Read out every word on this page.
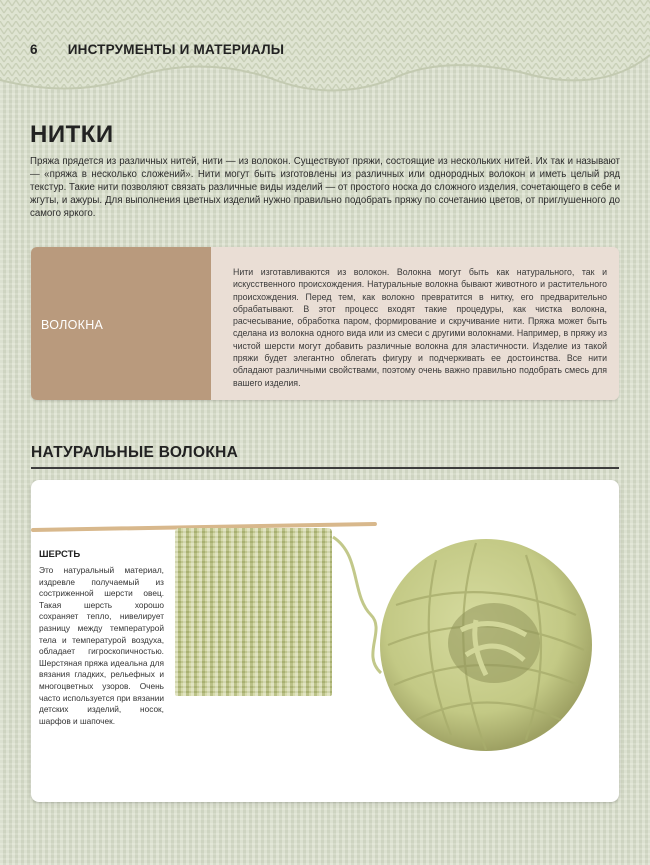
6 ИНСТРУМЕНТЫ И МАТЕРИАЛЫ
НИТКИ
Пряжа прядется из различных нитей, нити — из волокон. Существуют пряжи, состоящие из нескольких нитей. Их так и называют — «пряжа в несколько сложений». Нити могут быть изготовлены из различных или однородных волокон и иметь целый ряд текстур. Такие нити позволяют связать различные виды изделий — от простого носка до сложного изделия, сочетающего в себе и жгуты, и ажуры. Для выполнения цветных изделий нужно правильно подобрать пряжу по сочетанию цветов, от приглушенного до самого яркого.
ВОЛОКНА
Нити изготавливаются из волокон. Волокна могут быть как натурального, так и искусственного происхождения. Натуральные волокна бывают животного и растительного происхождения. Перед тем, как волокно превратится в нитку, его предварительно обрабатывают. В этот процесс входят такие процедуры, как чистка волокна, расчесывание, обработка паром, формирование и скручивание нити. Пряжа может быть сделана из волокна одного вида или из смеси с другими волокнами. Например, в пряжу из чистой шерсти могут добавить различные волокна для эластичности. Изделие из такой пряжи будет элегантно облегать фигуру и подчеркивать ее достоинства. Все нити обладают различными свойствами, поэтому очень важно правильно подобрать смесь для вашего изделия.
НАТУРАЛЬНЫЕ ВОЛОКНА
ШЕРСТЬ
Это натуральный материал, издревле получаемый из состриженной шерсти овец. Такая шерсть хорошо сохраняет тепло, нивелирует разницу между температурой тела и температурой воздуха, обладает гигроскопичностью. Шерстяная пряжа идеальна для вязания гладких, рельефных и многоцветных узоров. Очень часто используется при вязании детских изделий, носок, шарфов и шапочек.
